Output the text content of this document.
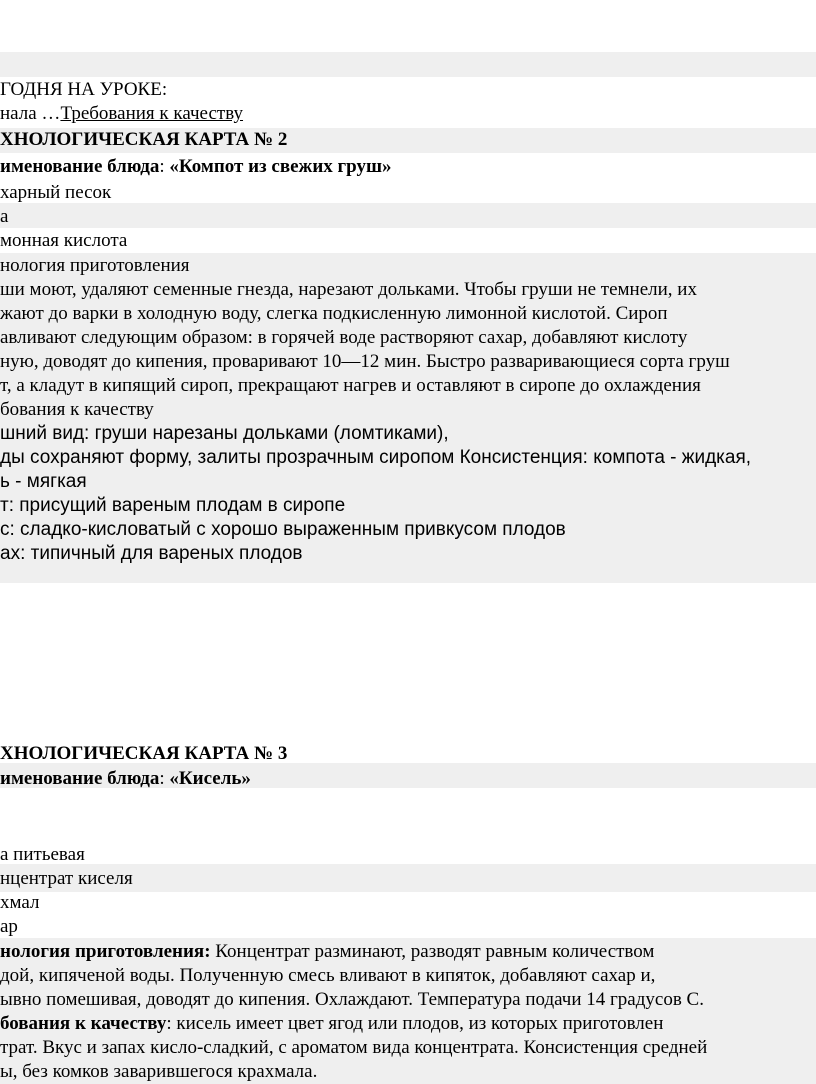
ГОДНЯ НА УРОКЕ:
нала …Требования к качеству
ХНОЛОГИЧЕСКАЯ КАРТА № 2
именование блюда: «Компот из свежих груш»
харный песок
а
монная кислота
нология приготовления
ши моют, удаляют семенные гнезда, нарезают дольками. Чтобы груши не темнели, их
жают до варки в холодную воду, слегка подкисленную лимонной кислотой. Сироп
авливают следующим образом: в горячей воде растворяют сахар, добавляют кислоту
ную, доводят до кипения, проваривают 10—12 мин. Быстро разваривающиеся сорта груш
т, а кладут в кипящий сироп, прекращают нагрев и оставляют в сиропе до охлаждения
бования к качеству
шний вид: груши нарезаны дольками (ломтиками),
ды сохраняют форму, залиты прозрачным сиропом Консистенция: компота - жидкая,
ь - мягкая
т: присущий вареным плодам в сиропе
с: сладко-кисловатый с хорошо выраженным привкусом плодов
ах: типичный для вареных плодов
ХНОЛОГИЧЕСКАЯ КАРТА № 3
именование блюда: «Кисель»
а питьевая
нцентрат киселя
хмал
ар
нология приготовления: Концентрат разминают, разводят равным количеством
дой, кипяченой воды. Полученную смесь вливают в кипяток, добавляют сахар и,
ывно помешивая, доводят до кипения. Охлаждают. Температура подачи 14 градусов С.
бования к качеству: кисель имеет цвет ягод или плодов, из которых приготовлен
трат. Вкус и запах кисло-сладкий, с ароматом вида концентрата. Консистенция средней
ы, без комков заварившегося крахмала.
